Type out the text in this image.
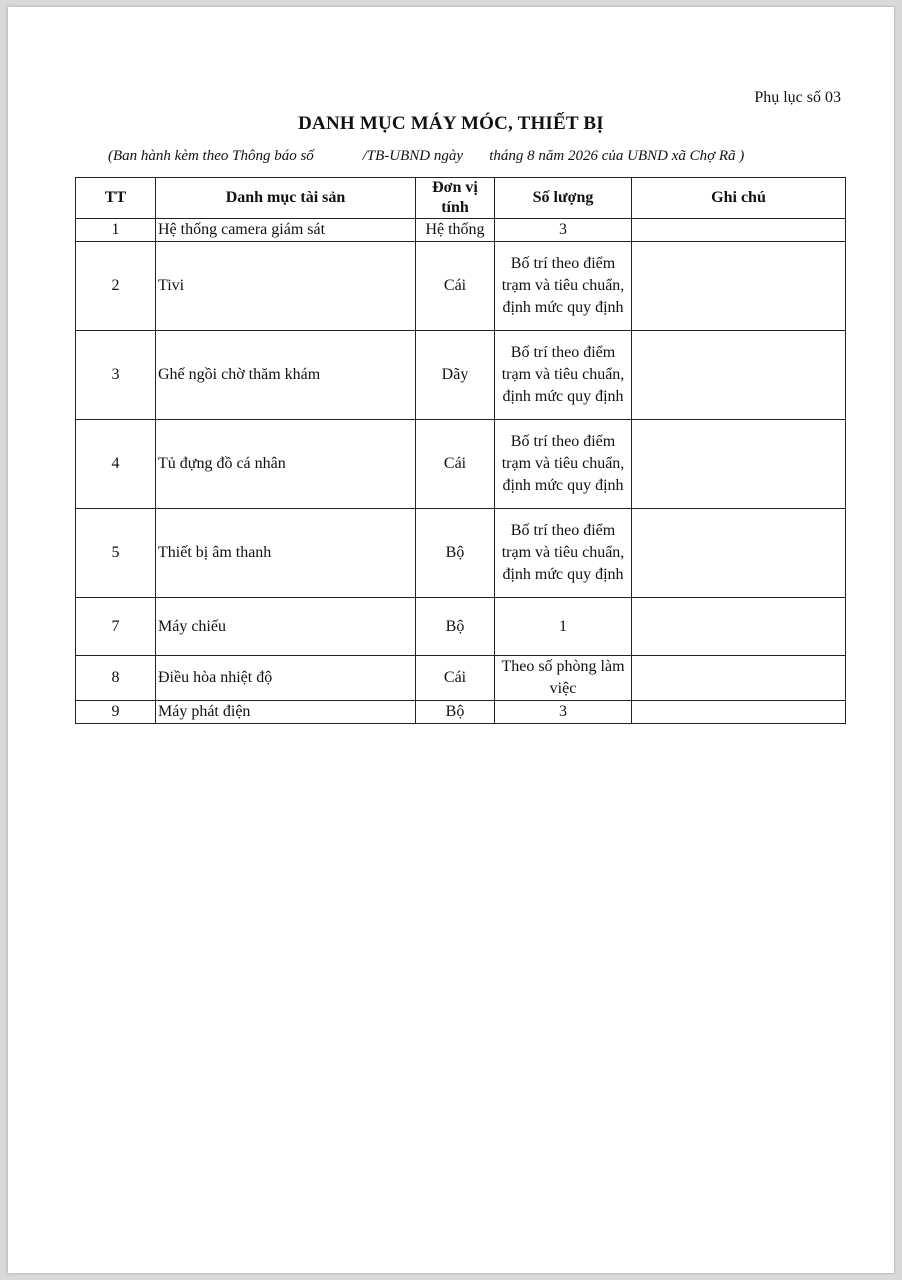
Phụ lục số 03
DANH MỤC MÁY MÓC, THIẾT BỊ
(Ban hành kèm theo Thông báo số	/TB-UBND ngày tháng 8 năm 2026 của UBND xã Chợ Rã )
TT	Danh mục tài sản	Đơn vị tính	Số lượng	Ghi chú
1	Hệ thống camera giám sát	Hệ thống	3	
2	Tivi	Cái	Bố trí theo điểm trạm và tiêu chuẩn, định mức quy định	
3	Ghế ngồi chờ thăm khám	Dãy	Bố trí theo điểm trạm và tiêu chuẩn, định mức quy định	
4	Tủ đựng đồ cá nhân	Cái	Bố trí theo điểm trạm và tiêu chuẩn, định mức quy định	
5	Thiết bị âm thanh	Bộ	Bố trí theo điểm trạm và tiêu chuẩn, định mức quy định	
7	Máy chiếu	Bộ	1	
8	Điều hòa nhiệt độ	Cái	Theo số phòng làm việc	
9	Máy phát điện	Bộ	3	
